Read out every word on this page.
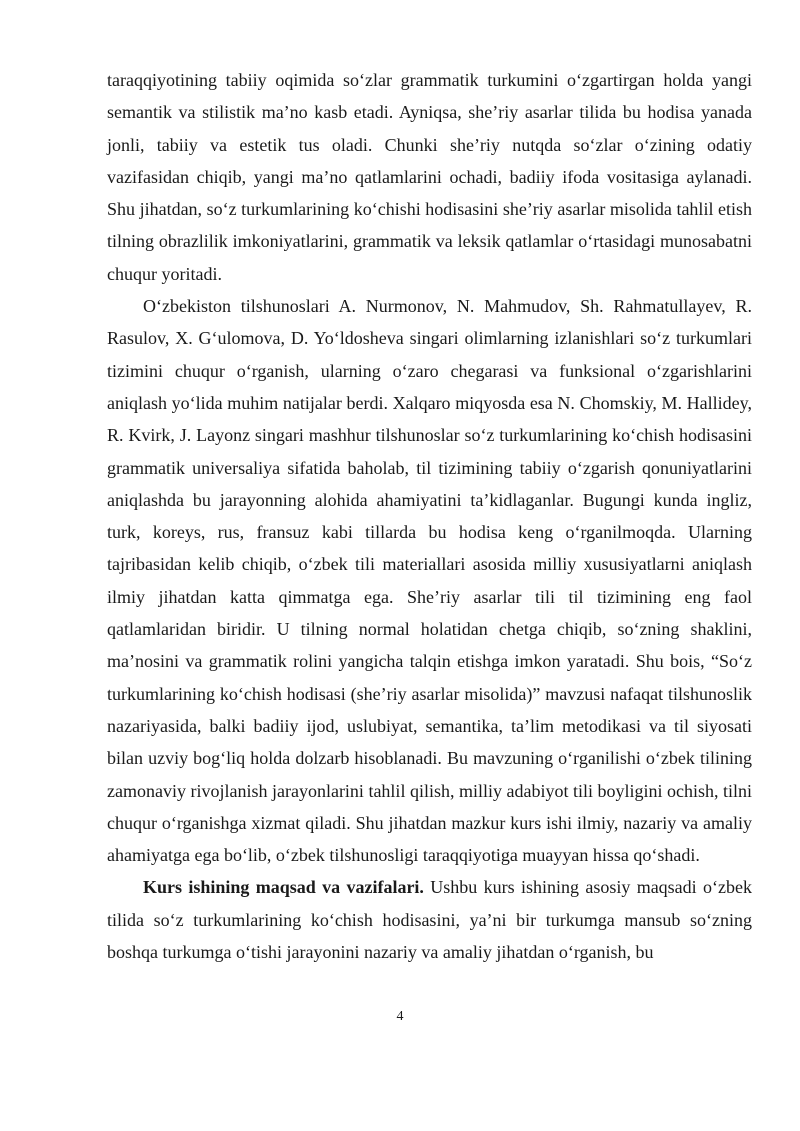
taraqqiyotining tabiiy oqimida so‘zlar grammatik turkumini o‘zgartirgan holda yangi semantik va stilistik ma’no kasb etadi. Ayniqsa, she’riy asarlar tilida bu hodisa yanada jonli, tabiiy va estetik tus oladi. Chunki she’riy nutqda so‘zlar o‘zining odatiy vazifasidan chiqib, yangi ma’no qatlamlarini ochadi, badiiy ifoda vositasiga aylanadi. Shu jihatdan, so‘z turkumlarining ko‘chishi hodisasini she’riy asarlar misolida tahlil etish tilning obrazlilik imkoniyatlarini, grammatik va leksik qatlamlar o‘rtasidagi munosabatni chuqur yoritadi.

O‘zbekiston tilshunoslari A. Nurmonov, N. Mahmudov, Sh. Rahmatullayev, R. Rasulov, X. G‘ulomova, D. Yo‘ldosheva singari olimlarning izlanishlari so‘z turkumlari tizimini chuqur o‘rganish, ularning o‘zaro chegarasi va funksional o‘zgarishlarini aniqlash yo‘lida muhim natijalar berdi. Xalqaro miqyosda esa N. Chomskiy, M. Hallidey, R. Kvirk, J. Layonz singari mashhur tilshunoslar so‘z turkumlarining ko‘chish hodisasini grammatik universaliya sifatida baholab, til tizimining tabiiy o‘zgarish qonuniyatlarini aniqlashda bu jarayonning alohida ahamiyatini ta’kidlaganlar. Bugungi kunda ingliz, turk, koreys, rus, fransuz kabi tillarda bu hodisa keng o‘rganilmoqda. Ularning tajribasidan kelib chiqib, o‘zbek tili materiallari asosida milliy xususiyatlarni aniqlash ilmiy jihatdan katta qimmatga ega. She’riy asarlar tili til tizimining eng faol qatlamlaridan biridir. U tilning normal holatidan chetga chiqib, so‘zning shaklini, ma’nosini va grammatik rolini yangicha talqin etishga imkon yaratadi. Shu bois, “So‘z turkumlarining ko‘chish hodisasi (she’riy asarlar misolida)” mavzusi nafaqat tilshunoslik nazariyasida, balki badiiy ijod, uslubiyat, semantika, ta’lim metodikasi va til siyosati bilan uzviy bog‘liq holda dolzarb hisoblanadi. Bu mavzuning o‘rganilishi o‘zbek tilining zamonaviy rivojlanish jarayonlarini tahlil qilish, milliy adabiyot tili boyligini ochish, tilni chuqur o‘rganishga xizmat qiladi. Shu jihatdan mazkur kurs ishi ilmiy, nazariy va amaliy ahamiyatga ega bo‘lib, o‘zbek tilshunosligi taraqqiyotiga muayyan hissa qo‘shadi.

Kurs ishining maqsad va vazifalari. Ushbu kurs ishining asosiy maqsadi o‘zbek tilida so‘z turkumlarining ko‘chish hodisasini, ya’ni bir turkumga mansub so‘zning boshqa turkumga o‘tishi jarayonini nazariy va amaliy jihatdan o‘rganish, bu

4
